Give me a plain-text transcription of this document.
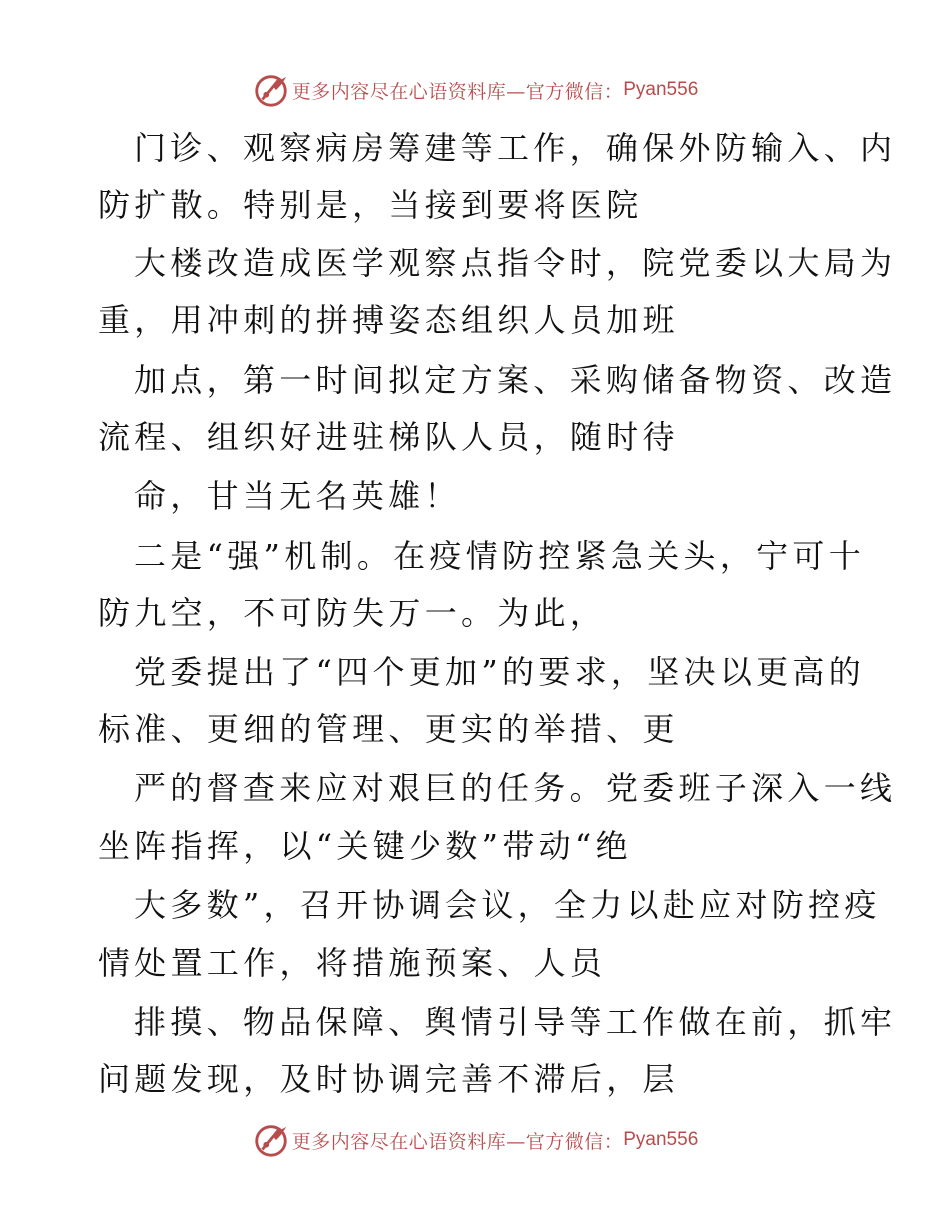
更多内容尽在心语资料库—官方微信： Pyan556
门诊、观察病房筹建等工作，确保外防输入、内
防扩散。特别是，当接到要将医院
大楼改造成医学观察点指令时，院党委以大局为
重，用冲刺的拼搏姿态组织人员加班
加点，第一时间拟定方案、采购储备物资、改造
流程、组织好进驻梯队人员，随时待
命，甘当无名英雄！
二是“强”机制。在疫情防控紧急关头，宁可十
防九空，不可防失万一。为此，
党委提出了“四个更加”的要求，坚决以更高的
标准、更细的管理、更实的举措、更
严的督查来应对艰巨的任务。党委班子深入一线
坐阵指挥，以“关键少数”带动“绝
大多数”，召开协调会议，全力以赴应对防控疫
情处置工作，将措施预案、人员
排摸、物品保障、舆情引导等工作做在前，抓牢
问题发现，及时协调完善不滞后，层
更多内容尽在心语资料库—官方微信： Pyan556
